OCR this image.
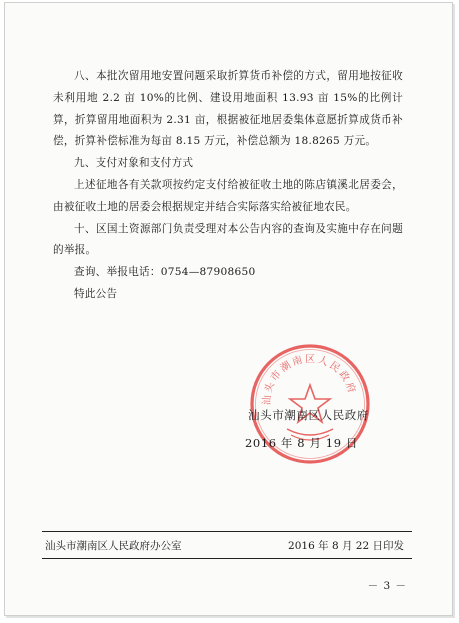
八、本批次留用地安置问题采取折算货币补偿的方式，留用地按征收未利用地 2.2 亩 10%的比例、建设用地面积 13.93 亩 15%的比例计算，折算留用地面积为 2.31 亩，根据被征地居委集体意愿折算成货币补偿，折算补偿标准为每亩 8.15 万元，补偿总额为 18.8265 万元。

九、支付对象和支付方式

上述征地各有关款项按约定支付给被征收土地的陈店镇溪北居委会，由被征收土地的居委会根据规定并结合实际落实给被征地农民。

十、区国土资源部门负责受理对本公告内容的查询及实施中存在问题的举报。

查询、举报电话：0754—87908650

特此公告

汕头市潮南区人民政府
汕头市潮南区人民政府
2016 年 8 月 19 日
汕头市潮南区人民政府办公室	2016 年 8 月 22 日印发
－ 3 －
